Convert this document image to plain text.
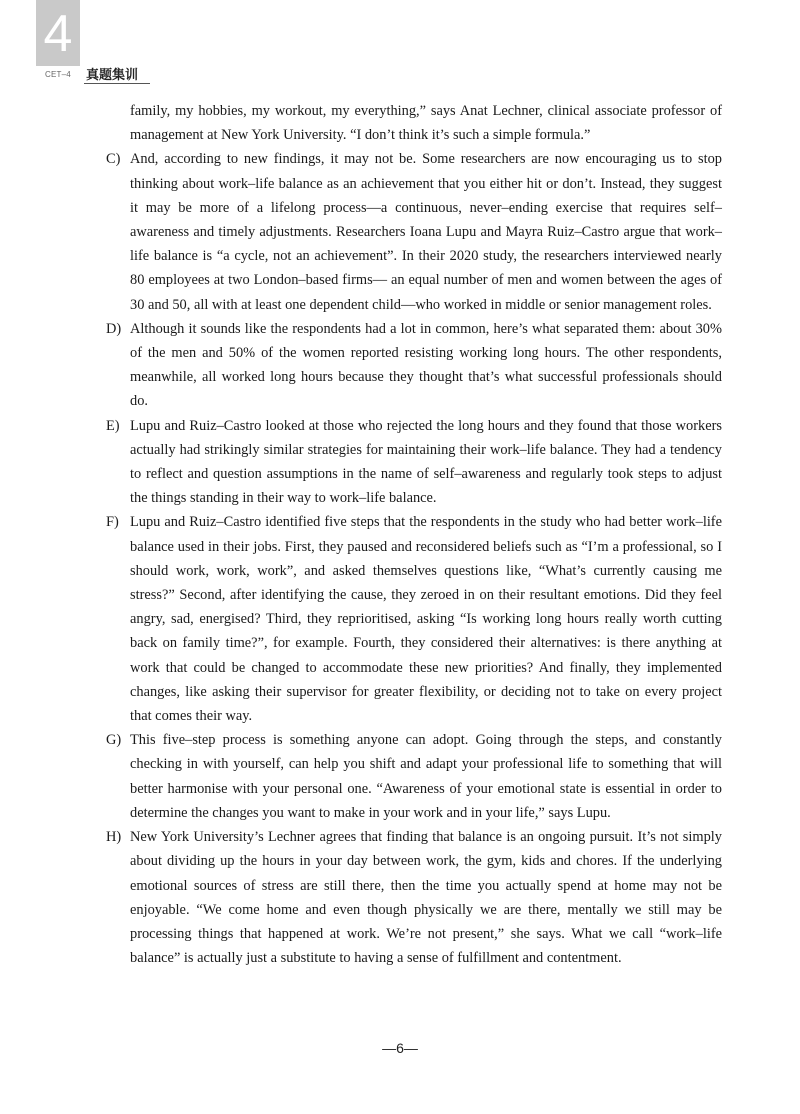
4
CET–4	真题集训

family, my hobbies, my workout, my everything,” says Anat Lechner, clinical associate professor of management at New York University. “I don’t think it’s such a simple formula.”

C) And, according to new findings, it may not be. Some researchers are now encouraging us to stop thinking about work–life balance as an achievement that you either hit or don’t. Instead, they suggest it may be more of a lifelong process—a continuous, never–ending exercise that requires self–awareness and timely adjustments. Researchers Ioana Lupu and Mayra Ruiz–Castro argue that work–life balance is “a cycle, not an achievement”. In their 2020 study, the researchers interviewed nearly 80 employees at two London–based firms— an equal number of men and women between the ages of 30 and 50, all with at least one dependent child—who worked in middle or senior management roles.

D) Although it sounds like the respondents had a lot in common, here’s what separated them: about 30% of the men and 50% of the women reported resisting working long hours. The other respondents, meanwhile, all worked long hours because they thought that’s what successful professionals should do.

E) Lupu and Ruiz–Castro looked at those who rejected the long hours and they found that those workers actually had strikingly similar strategies for maintaining their work–life balance. They had a tendency to reflect and question assumptions in the name of self–awareness and regularly took steps to adjust the things standing in their way to work–life balance.

F) Lupu and Ruiz–Castro identified five steps that the respondents in the study who had better work–life balance used in their jobs. First, they paused and reconsidered beliefs such as “I’m a professional, so I should work, work, work”, and asked themselves questions like, “What’s currently causing me stress?” Second, after identifying the cause, they zeroed in on their resultant emotions. Did they feel angry, sad, energised? Third, they reprioritised, asking “Is working long hours really worth cutting back on family time?”, for example. Fourth, they considered their alternatives: is there anything at work that could be changed to accommodate these new priorities? And finally, they implemented changes, like asking their supervisor for greater flexibility, or deciding not to take on every project that comes their way.

G) This five–step process is something anyone can adopt. Going through the steps, and constantly checking in with yourself, can help you shift and adapt your professional life to something that will better harmonise with your personal one. “Awareness of your emotional state is essential in order to determine the changes you want to make in your work and in your life,” says Lupu.

H) New York University’s Lechner agrees that finding that balance is an ongoing pursuit. It’s not simply about dividing up the hours in your day between work, the gym, kids and chores. If the underlying emotional sources of stress are still there, then the time you actually spend at home may not be enjoyable. “We come home and even though physically we are there, mentally we still may be processing things that happened at work. We’re not present,” she says. What we call “work–life balance” is actually just a substitute to having a sense of fulfillment and contentment.

—6—
